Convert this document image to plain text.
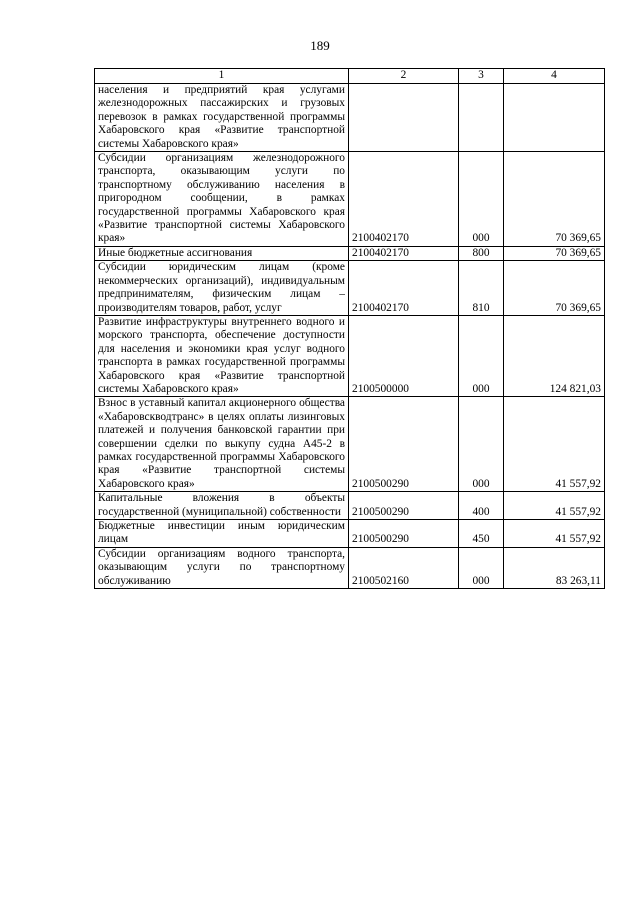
189
1	2	3	4
населения и предприятий края услугами железнодорожных пассажирских и грузовых перевозок в рамках государственной программы Хабаровского края «Развитие транспортной системы Хабаровского края»			
Субсидии организациям железнодорожного транспорта, оказывающим услуги по транспортному обслуживанию населения в пригородном сообщении, в рамках государственной программы Хабаровского края «Развитие транспортной системы Хабаровского края»	2100402170	000	70 369,65
Иные бюджетные ассигнования	2100402170	800	70 369,65
Субсидии юридическим лицам (кроме некоммерческих организаций), индивидуальным предпринимателям, физическим лицам – производителям товаров, работ, услуг	2100402170	810	70 369,65
Развитие инфраструктуры внутреннего водного и морского транспорта, обеспечение доступности для населения и экономики края услуг водного транспорта в рамках государственной программы Хабаровского края «Развитие транспортной системы Хабаровского края»	2100500000	000	124 821,03
Взнос в уставный капитал акционерного общества «Хабаровскводтранс» в целях оплаты лизинговых платежей и получения банковской гарантии при совершении сделки по выкупу судна А45-2 в рамках государственной программы Хабаровского края «Развитие транспортной системы Хабаровского края»	2100500290	000	41 557,92
Капитальные вложения в объекты государственной (муниципальной) собственности	2100500290	400	41 557,92
Бюджетные инвестиции иным юридическим лицам	2100500290	450	41 557,92
Субсидии организациям водного транспорта, оказывающим услуги по транспортному обслуживанию	2100502160	000	83 263,11
